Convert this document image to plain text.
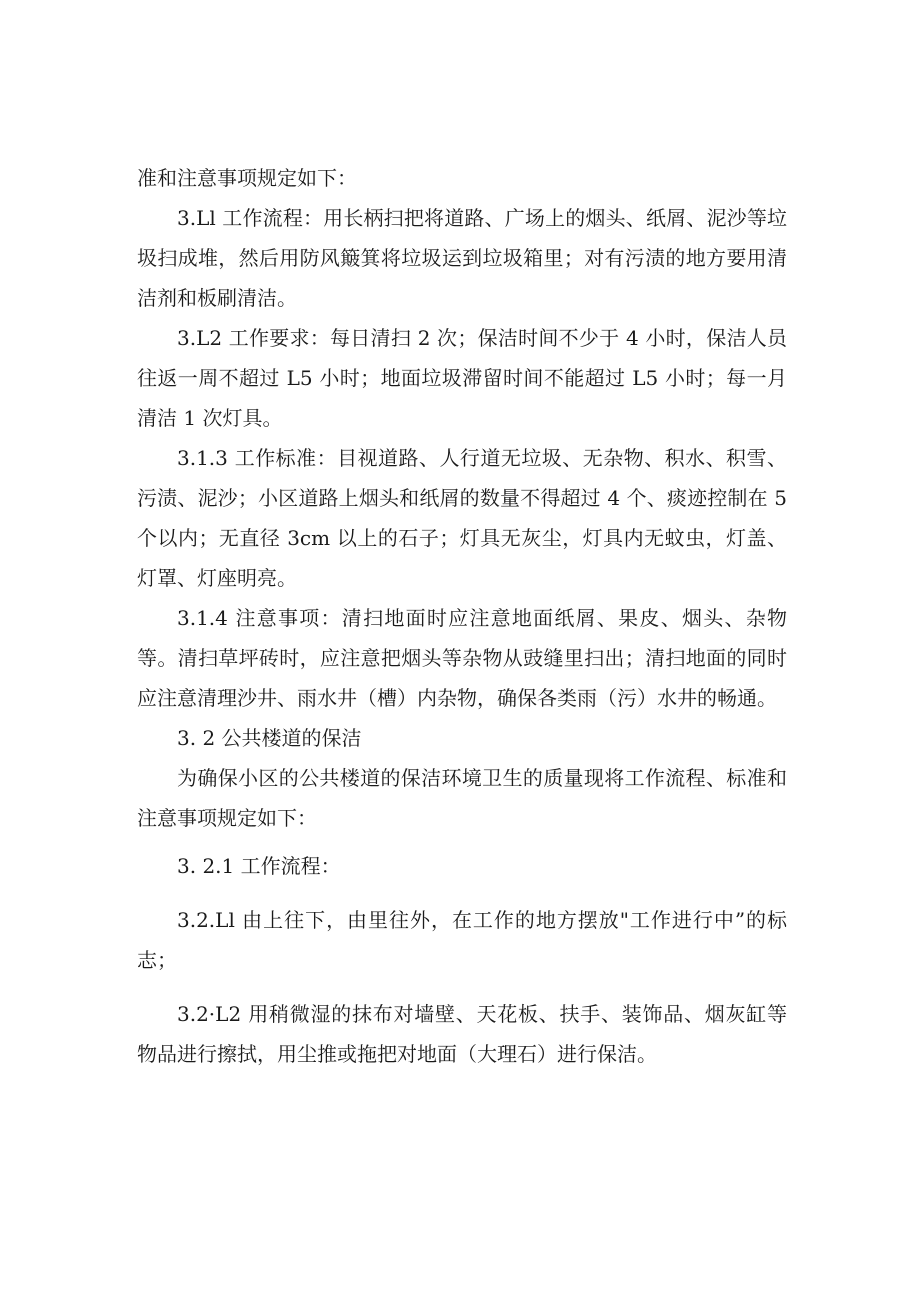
准和注意事项规定如下：

3.Ll 工作流程：用长柄扫把将道路、广场上的烟头、纸屑、泥沙等垃圾扫成堆，然后用防风簸箕将垃圾运到垃圾箱里；对有污渍的地方要用清洁剂和板刷清洁。

3.L2 工作要求：每日清扫 2 次；保洁时间不少于 4 小时，保洁人员往返一周不超过 L5 小时；地面垃圾滞留时间不能超过 L5 小时；每一月清洁 1 次灯具。

3.1.3 工作标准：目视道路、人行道无垃圾、无杂物、积水、积雪、污渍、泥沙；小区道路上烟头和纸屑的数量不得超过 4 个、痰迹控制在 5 个以内；无直径 3cm 以上的石子；灯具无灰尘，灯具内无蚊虫，灯盖、灯罩、灯座明亮。

3.1.4 注意事项：清扫地面时应注意地面纸屑、果皮、烟头、杂物等。清扫草坪砖时，应注意把烟头等杂物从豉缝里扫出；清扫地面的同时应注意清理沙井、雨水井（槽）内杂物，确保各类雨（污）水井的畅通。

3. 2 公共楼道的保洁

为确保小区的公共楼道的保洁环境卫生的质量现将工作流程、标准和注意事项规定如下：

3. 2.1 工作流程：

3.2.Ll 由上往下，由里往外，在工作的地方摆放"工作进行中”的标志；

3.2·L2 用稍微湿的抹布对墙壁、天花板、扶手、装饰品、烟灰缸等物品进行擦拭，用尘推或拖把对地面（大理石）进行保洁。
